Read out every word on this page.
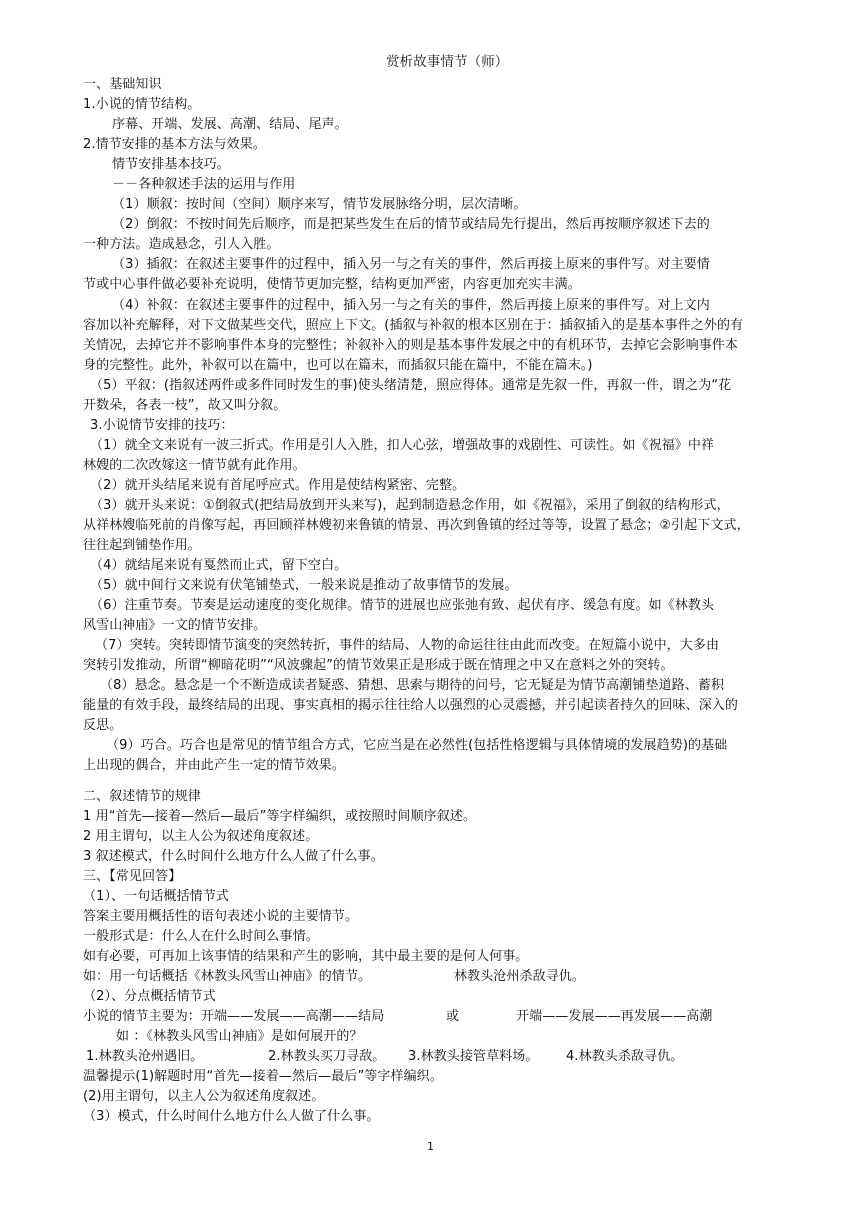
赏析故事情节（师）
一、基础知识
1.小说的情节结构。
序幕、开端、发展、高潮、结局、尾声。
2.情节安排的基本方法与效果。
情节安排基本技巧。
－－各种叙述手法的运用与作用
（1）顺叙：按时间（空间）顺序来写，情节发展脉络分明，层次清晰。
（2）倒叙：不按时间先后顺序，而是把某些发生在后的情节或结局先行提出，然后再按顺序叙述下去的
一种方法。造成悬念，引人入胜。
（3）插叙：在叙述主要事件的过程中，插入另一与之有关的事件，然后再接上原来的事件写。对主要情
节或中心事件做必要补充说明，使情节更加完整，结构更加严密，内容更加充实丰满。
（4）补叙：在叙述主要事件的过程中，插入另一与之有关的事件，然后再接上原来的事件写。对上文内
容加以补充解释，对下文做某些交代，照应上下文。(插叙与补叙的根本区别在于：插叙插入的是基本事件之外的有
关情况，去掉它并不影响事件本身的完整性；补叙补入的则是基本事件发展之中的有机环节，去掉它会影响事件本
身的完整性。此外，补叙可以在篇中，也可以在篇末，而插叙只能在篇中，不能在篇末。)
（5）平叙：(指叙述两件或多件同时发生的事)使头绪清楚，照应得体。通常是先叙一件，再叙一件，谓之为“花
开数朵，各表一枝”，故又叫分叙。
3.小说情节安排的技巧：
（1）就全文来说有一波三折式。作用是引人入胜，扣人心弦，增强故事的戏剧性、可读性。如《祝福》中祥
林嫂的二次改嫁这一情节就有此作用。
（2）就开头结尾来说有首尾呼应式。作用是使结构紧密、完整。
（3）就开头来说：①倒叙式(把结局放到开头来写)，起到制造悬念作用，如《祝福》，采用了倒叙的结构形式，
从祥林嫂临死前的肖像写起，再回顾祥林嫂初来鲁镇的情景、再次到鲁镇的经过等等，设置了悬念；②引起下文式，
往往起到铺垫作用。
（4）就结尾来说有戛然而止式，留下空白。
（5）就中间行文来说有伏笔铺垫式，一般来说是推动了故事情节的发展。
（6）注重节奏。节奏是运动速度的变化规律。情节的进展也应张弛有致、起伏有序、缓急有度。如《林教头
风雪山神庙》一文的情节安排。
（7）突转。突转即情节演变的突然转折，事件的结局、人物的命运往往由此而改变。在短篇小说中，大多由
突转引发推动，所谓“柳暗花明”“风波骤起”的情节效果正是形成于既在情理之中又在意料之外的突转。
（8）悬念。悬念是一个不断造成读者疑惑、猜想、思索与期待的问号，它无疑是为情节高潮铺垫道路、蓄积
能量的有效手段，最终结局的出现、事实真相的揭示往往给人以强烈的心灵震撼，并引起读者持久的回味、深入的
反思。
（9）巧合。巧合也是常见的情节组合方式，它应当是在必然性(包括性格逻辑与具体情境的发展趋势)的基础
上出现的偶合，并由此产生一定的情节效果。
二、叙述情节的规律
1 用“首先—接着—然后—最后”等字样编织，或按照时间顺序叙述。
2 用主谓句，以主人公为叙述角度叙述。
3 叙述模式，什么时间什么地方什么人做了什么事。
三、【常见回答】
（1）、一句话概括情节式
答案主要用概括性的语句表述小说的主要情节。
一般形式是：什么人在什么时间么事情。
如有必要，可再加上该事情的结果和产生的影响，其中最主要的是何人何事。
如：用一句话概括《林教头风雪山神庙》的情节。	林教头沧州杀敌寻仇。
（2）、分点概括情节式
小说的情节主要为：开端——发展——高潮——结局	或	开端——发展——再发展——高潮
如 ：《林教头风雪山神庙》是如何展开的？
1.林教头沧州遇旧。	2.林教头买刀寻敌。 3.林教头接管草料场。 4.林教头杀敌寻仇。
温馨提示(1)解题时用“首先—接着—然后—最后”等字样编织。
(2)用主谓句，以主人公为叙述角度叙述。
（3）模式，什么时间什么地方什么人做了什么事。
1
